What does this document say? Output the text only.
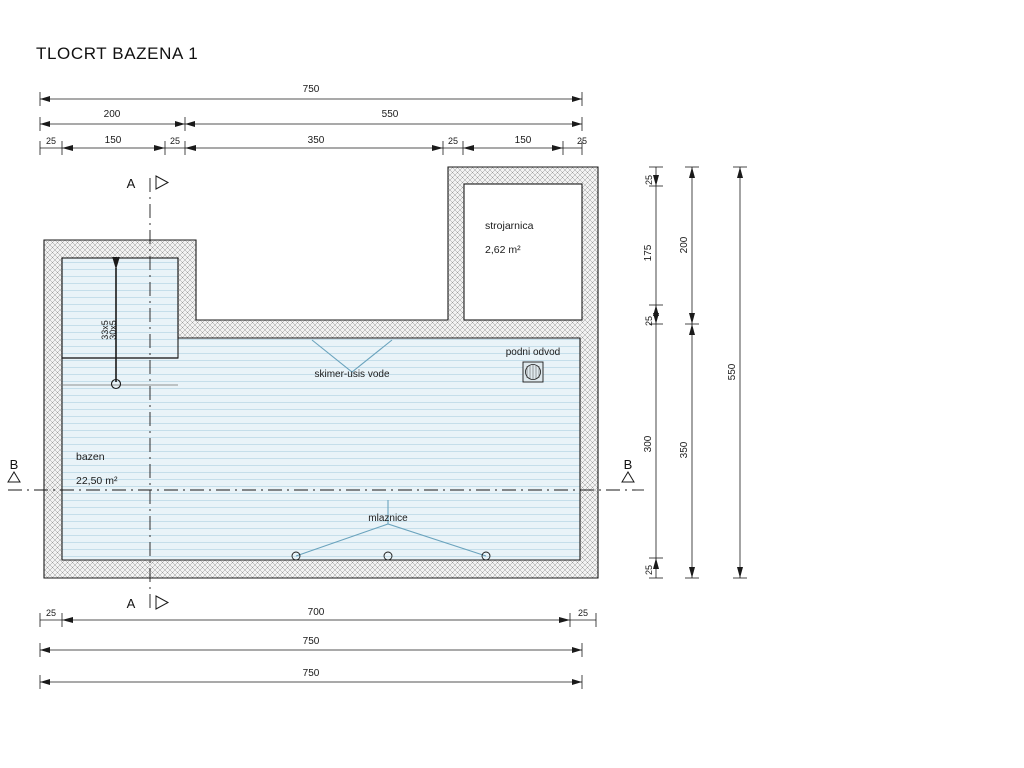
TLOCRT BAZENA 1
33x5
30x5
skimer-usis vode
podni odvod
mlaznice
strojarnica
2,62 m²
bazen
22,50 m²
A
A
B	B
750
200	550
25	150	25	350	25	150	25
25	700	25
750
750
25
175
25
300
25
200
350
550
